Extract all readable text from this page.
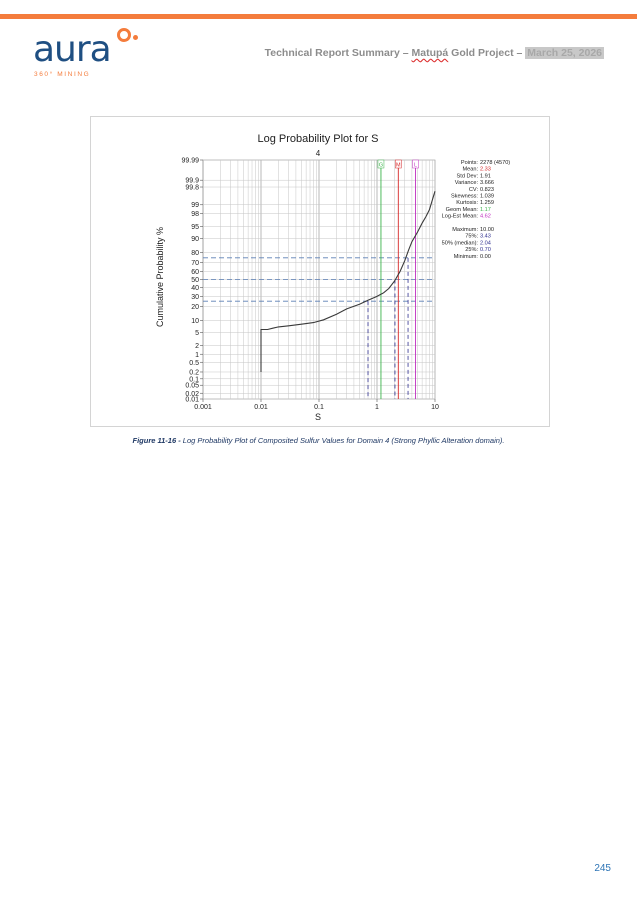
aura
360° MINING
Technical Report Summary – Matupá Gold Project – March 25, 2026
Log Probability Plot for S
4
G M L
0.01
0.02
0.05
0.1
0.2
0.5
1
2
5
10
20
30
40
50
60
70
80
90
95
98
99
99.8
99.9
99.99
0.001	0.01	0.1	1	10
Points: 2278 (4570)
Mean: 2.33
Std Dev: 1.91
Variance: 3.666
CV: 0.823
Skewness: 1.039
Kurtosis: 1.259
Geom Mean: 1.17
Log-Est Mean: 4.62
Maximum: 10.00
75%: 3.43
50% (median): 2.04
25%: 0.70
Minimum: 0.00
S
Cumulative Probability %
Figure 11-16 - Log Probability Plot of Composited Sulfur Values for Domain 4 (Strong Phyllic Alteration domain).
245
